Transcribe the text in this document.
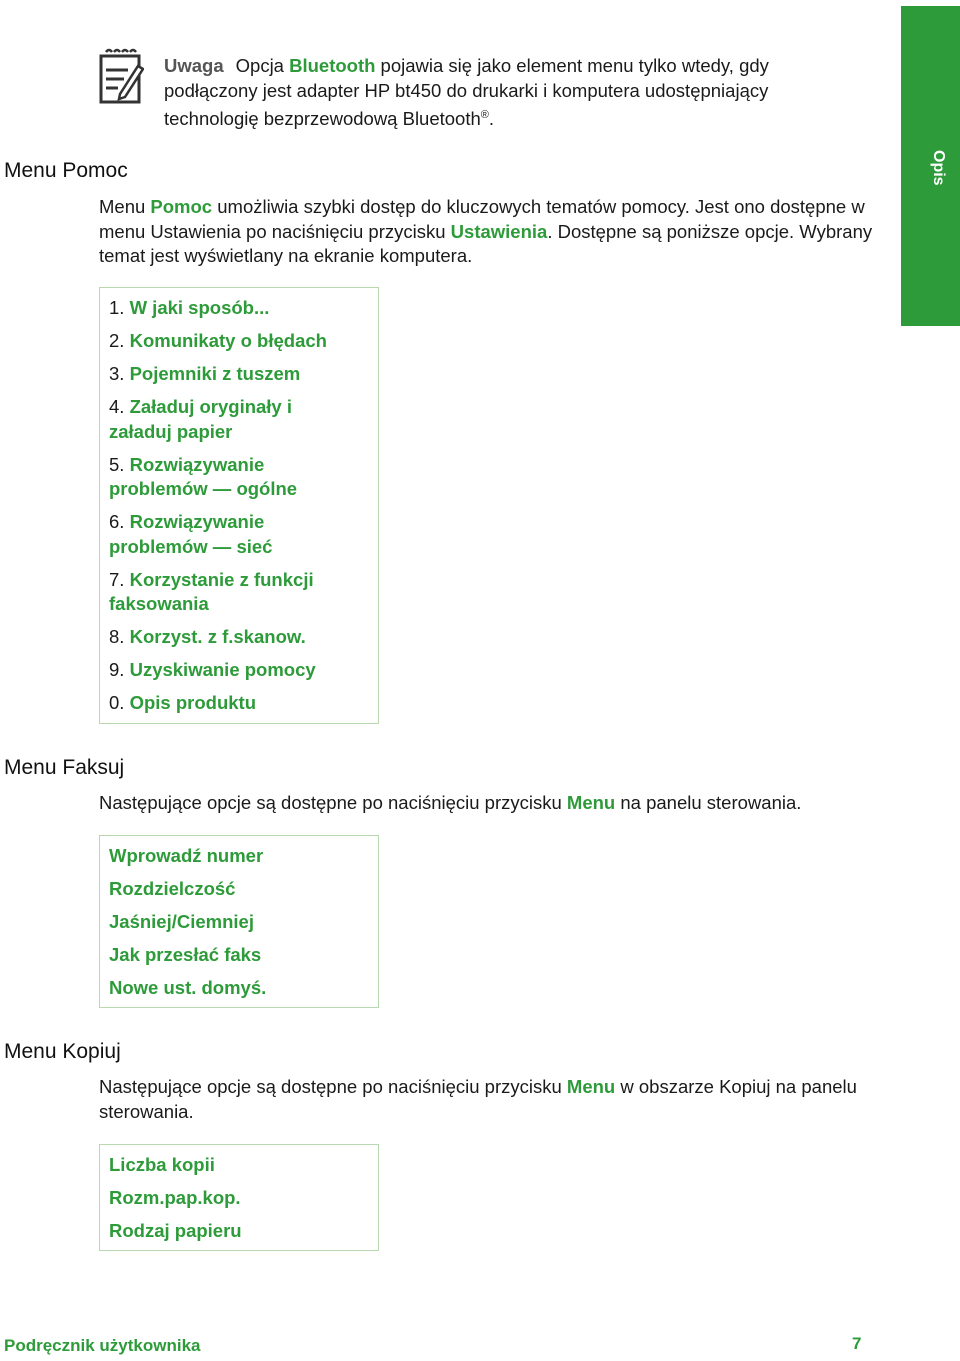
Opis
Uwaga Opcja Bluetooth pojawia się jako element menu tylko wtedy, gdy podłączony jest adapter HP bt450 do drukarki i komputera udostępniający technologię bezprzewodową Bluetooth®.
Menu Pomoc

Menu Pomoc umożliwia szybki dostęp do kluczowych tematów pomocy. Jest ono dostępne w menu Ustawienia po naciśnięciu przycisku Ustawienia. Dostępne są poniższe opcje. Wybrany temat jest wyświetlany na ekranie komputera.

1. W jaki sposób...
2. Komunikaty o błędach
3. Pojemniki z tuszem
4. Załaduj oryginały i załaduj papier
5. Rozwiązywanie problemów — ogólne
6. Rozwiązywanie problemów — sieć
7. Korzystanie z funkcji faksowania
8. Korzyst. z f.skanow.
9. Uzyskiwanie pomocy
0. Opis produktu
Menu Faksuj

Następujące opcje są dostępne po naciśnięciu przycisku Menu na panelu sterowania.

Wprowadź numer
Rozdzielczość
Jaśniej/Ciemniej
Jak przesłać faks
Nowe ust. domyś.
Menu Kopiuj

Następujące opcje są dostępne po naciśnięciu przycisku Menu w obszarze Kopiuj na panelu sterowania.

Liczba kopii
Rozm.pap.kop.
Rodzaj papieru
Podręcznik użytkownika	7
